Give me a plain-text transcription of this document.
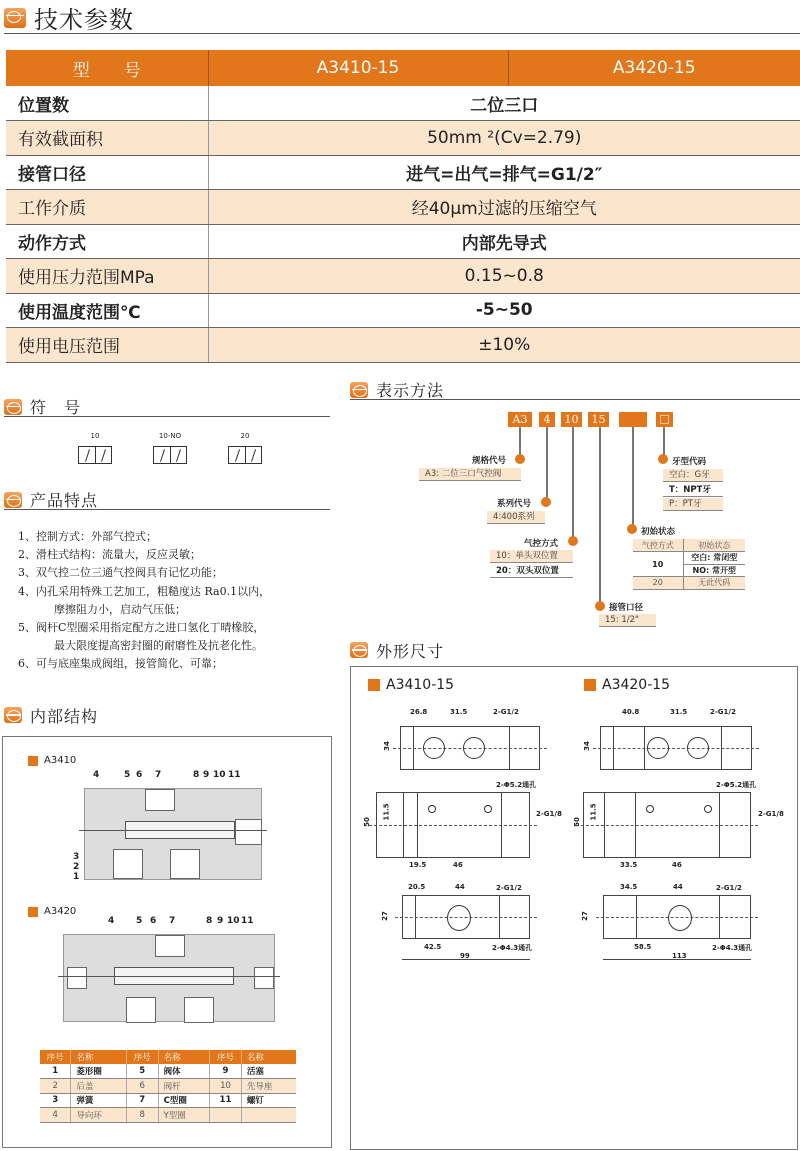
技术参数
型　　号	A3410-15	A3420-15
位置数	二位三口	
有效截面积	50mm ²(Cv=2.79)	
接管口径	进气=出气=排气=G1/2″	
工作介质	经40μm过滤的压缩空气	
动作方式	内部先导式	
使用压力范围MPa	0.15~0.8	
使用温度范围℃	-5~50	
使用电压范围	±10%	
符　号
10	10-NO	20
产品特点
1、控制方式：外部气控式；
2、滑柱式结构：流量大，反应灵敏；
3、双气控二位三通气控阀具有记忆功能；
4、内孔采用特殊工艺加工，粗糙度达 Ra0.1以内，
摩擦阻力小，启动气压低；
5、阀杆C型圈采用指定配方之进口氢化丁晴橡胶，
最大限度提高密封圈的耐磨性及抗老化性。
6、可与底座集成阀组，接管简化、可靠；
内部结构
A3410
4	5 6 7	8 9 10 11
3
2
1
A3420
4 5 6 7	8 9 10 11
序号	名称	序号	名称	序号	名称
1	菱形圈	5	阀体	9	活塞
2	后盖	6	阀杆	10	先导座
3	弹簧	7	C型圈	11	螺钉
4	导向环	8	Y型圈		
表示方法
A3	4	10	15
规格代号
A3: 二位三口气控阀
系列代号
4:400系列
气控方式
10：单头双位置
20：双头双位置
接管口径
15: 1/2"
初始状态
气控方式	初始状态
10	空白: 常闭型
	NO: 常开型
20	无此代码
牙型代码
空白：G牙
T：NPT牙
P：PT牙
外形尺寸
A3410-15	A3420-15
26.8	31.5	2-G1/2
34
2-Φ5.2通孔
2-G1/8
50
11.5
19.5	46
20.5	44	2-G1/2
27
42.5	2-Φ4.3通孔
99
40.8	31.5	2-G1/2
34
2-Φ5.2通孔
2-G1/8
50
11.5
33.5	46
34.5	44	2-G1/2
27
58.5	2-Φ4.3通孔
113
